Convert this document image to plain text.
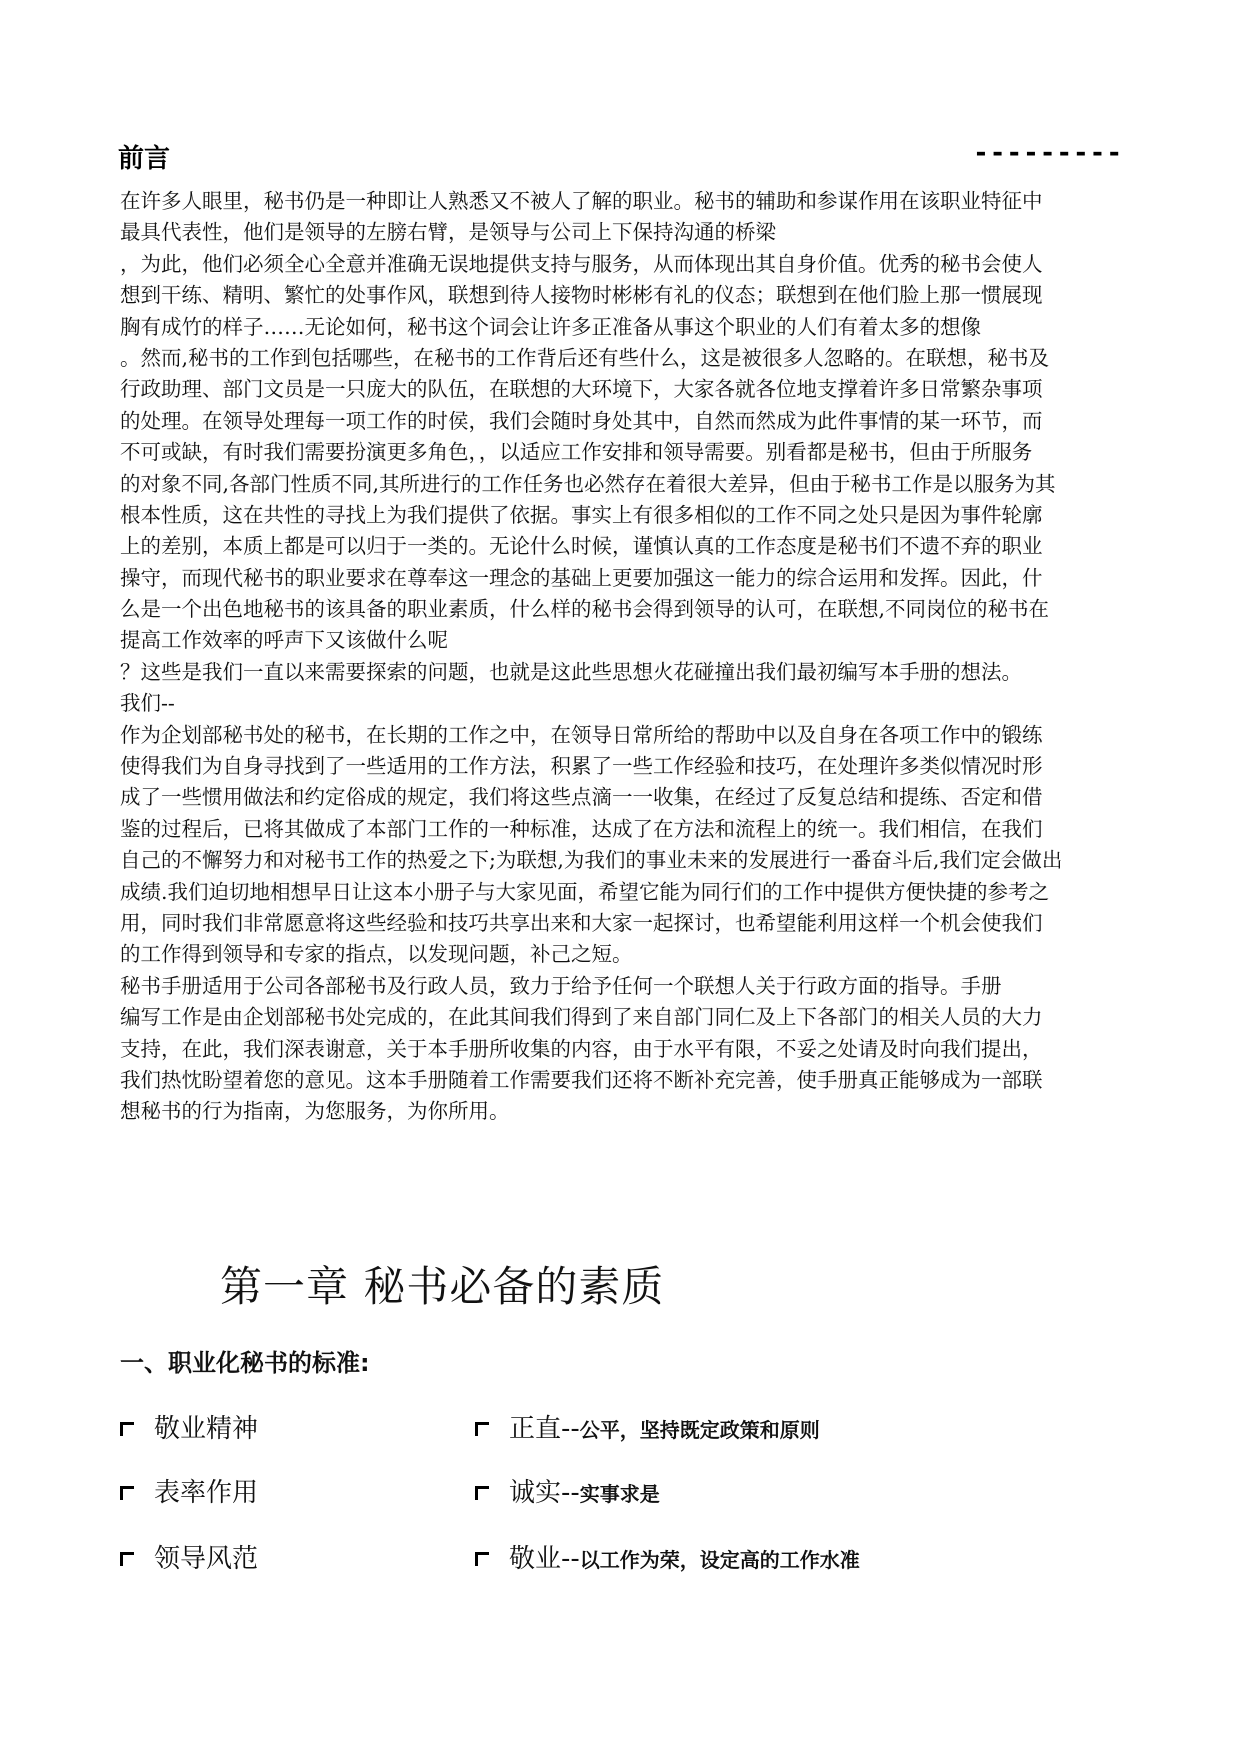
前言	---------
在许多人眼里，秘书仍是一种即让人熟悉又不被人了解的职业。秘书的辅助和参谋作用在该职业特征中
最具代表性，他们是领导的左膀右臂，是领导与公司上下保持沟通的桥梁
，为此，他们必须全心全意并准确无误地提供支持与服务，从而体现出其自身价值。优秀的秘书会使人
想到干练、精明、繁忙的处事作风，联想到待人接物时彬彬有礼的仪态；联想到在他们脸上那一惯展现
胸有成竹的样子……无论如何，秘书这个词会让许多正准备从事这个职业的人们有着太多的想像
。然而,秘书的工作到包括哪些，在秘书的工作背后还有些什么，这是被很多人忽略的。在联想，秘书及
行政助理、部门文员是一只庞大的队伍，在联想的大环境下，大家各就各位地支撑着许多日常繁杂事项
的处理。在领导处理每一项工作的时侯，我们会随时身处其中，自然而然成为此件事情的某一环节，而
不可或缺，有时我们需要扮演更多角色，，以适应工作安排和领导需要。别看都是秘书，但由于所服务
的对象不同,各部门性质不同,其所进行的工作任务也必然存在着很大差异，但由于秘书工作是以服务为其
根本性质，这在共性的寻找上为我们提供了依据。事实上有很多相似的工作不同之处只是因为事件轮廓
上的差别，本质上都是可以归于一类的。无论什么时候，谨慎认真的工作态度是秘书们不遗不弃的职业
操守，而现代秘书的职业要求在尊奉这一理念的基础上更要加强这一能力的综合运用和发挥。因此，什
么是一个出色地秘书的该具备的职业素质，什么样的秘书会得到领导的认可，在联想,不同岗位的秘书在
提高工作效率的呼声下又该做什么呢
？这些是我们一直以来需要探索的问题，也就是这此些思想火花碰撞出我们最初编写本手册的想法。
我们--
作为企划部秘书处的秘书，在长期的工作之中，在领导日常所给的帮助中以及自身在各项工作中的锻练
使得我们为自身寻找到了一些适用的工作方法，积累了一些工作经验和技巧，在处理许多类似情况时形
成了一些惯用做法和约定俗成的规定，我们将这些点滴一一收集，在经过了反复总结和提练、否定和借
鉴的过程后，已将其做成了本部门工作的一种标准，达成了在方法和流程上的统一。我们相信，在我们
自己的不懈努力和对秘书工作的热爱之下;为联想,为我们的事业未来的发展进行一番奋斗后,我们定会做出
成绩.我们迫切地相想早日让这本小册子与大家见面，希望它能为同行们的工作中提供方便快捷的参考之
用，同时我们非常愿意将这些经验和技巧共享出来和大家一起探讨，也希望能利用这样一个机会使我们
的工作得到领导和专家的指点，以发现问题，补己之短。
秘书手册适用于公司各部秘书及行政人员，致力于给予任何一个联想人关于行政方面的指导。手册
编写工作是由企划部秘书处完成的，在此其间我们得到了来自部门同仁及上下各部门的相关人员的大力
支持，在此，我们深表谢意，关于本手册所收集的内容，由于水平有限，不妥之处请及时向我们提出，
我们热忱盼望着您的意见。这本手册随着工作需要我们还将不断补充完善，使手册真正能够成为一部联
想秘书的行为指南，为您服务，为你所用。
第一章 秘书必备的素质
一、职业化秘书的标准:
敬业精神
表率作用
领导风范
正直--公平，坚持既定政策和原则
诚实--实事求是
敬业--以工作为荣，设定高的工作水准
